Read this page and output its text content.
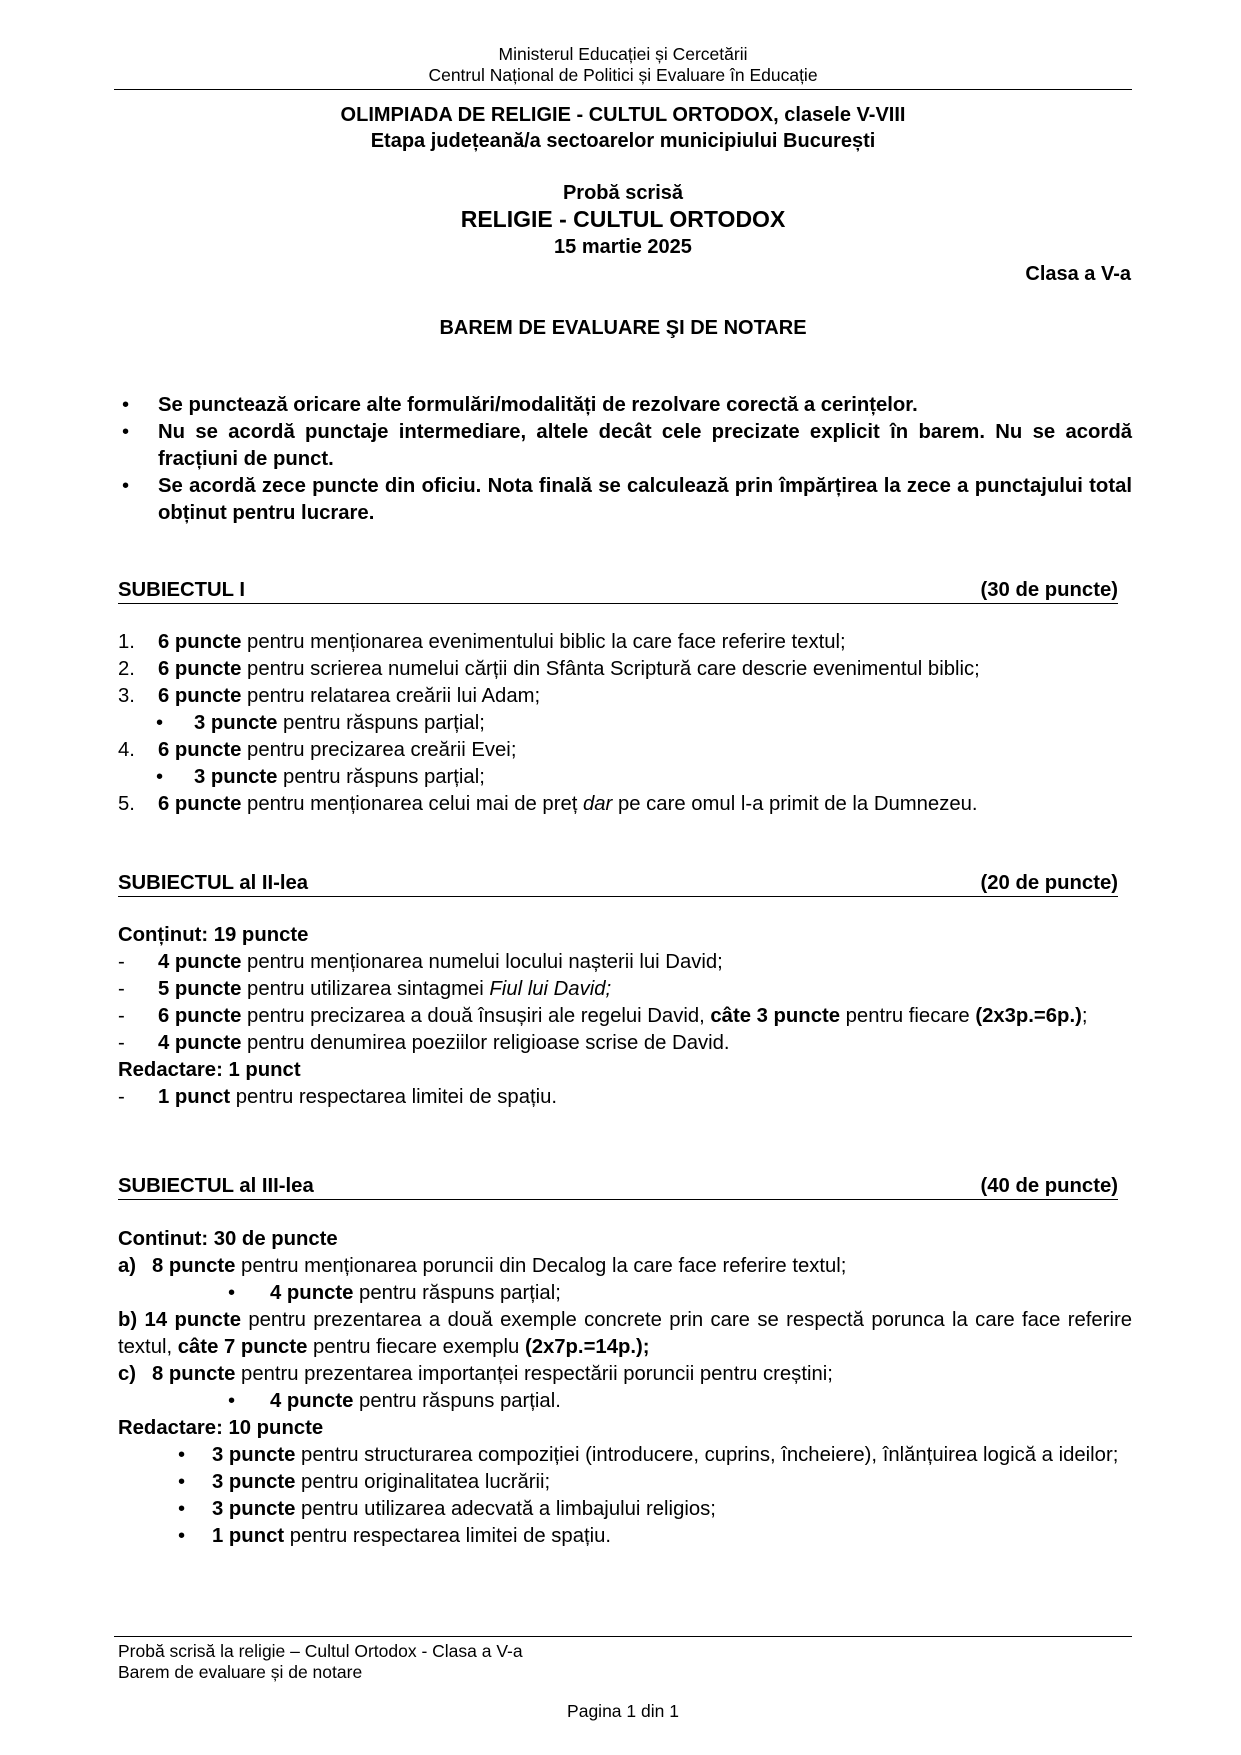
Ministerul Educației și Cercetării
Centrul Național de Politici și Evaluare în Educație
OLIMPIADA DE RELIGIE - CULTUL ORTODOX, clasele V-VIII
Etapa județeană/a sectoarelor municipiului București
Probă scrisă
RELIGIE - CULTUL ORTODOX
15 martie 2025
Clasa a V-a
BAREM DE EVALUARE ŞI DE NOTARE
• Se punctează oricare alte formulări/modalități de rezolvare corectă a cerințelor.
• Nu se acordă punctaje intermediare, altele decât cele precizate explicit în barem. Nu se acordă fracțiuni de punct.
• Se acordă zece puncte din oficiu. Nota finală se calculează prin împărțirea la zece a punctajului total obținut pentru lucrare.
SUBIECTUL I	(30 de puncte)
1.	6 puncte pentru menționarea evenimentului biblic la care face referire textul;
2.	6 puncte pentru scrierea numelui cărții din Sfânta Scriptură care descrie evenimentul biblic;
3.	6 puncte pentru relatarea creării lui Adam;
•	3 puncte pentru răspuns parțial;
4.	6 puncte pentru precizarea creării Evei;
•	3 puncte pentru răspuns parțial;
5.	6 puncte pentru menționarea celui mai de preț dar pe care omul l-a primit de la Dumnezeu.
SUBIECTUL al II-lea	(20 de puncte)
Conținut: 19 puncte
-	4 puncte pentru menționarea numelui locului nașterii lui David;
-	5 puncte pentru utilizarea sintagmei Fiul lui David;
-	6 puncte pentru precizarea a două însușiri ale regelui David, câte 3 puncte pentru fiecare (2x3p.=6p.);
-	4 puncte pentru denumirea poeziilor religioase scrise de David.
Redactare: 1 punct
-	1 punct pentru respectarea limitei de spațiu.
SUBIECTUL al III-lea	(40 de puncte)
Continut: 30 de puncte
a) 8 puncte pentru menționarea poruncii din Decalog la care face referire textul;
•	4 puncte pentru răspuns parțial;
b) 14 puncte pentru prezentarea a două exemple concrete prin care se respectă porunca la care face referire textul, câte 7 puncte pentru fiecare exemplu (2x7p.=14p.);
c) 8 puncte pentru prezentarea importanței respectării poruncii pentru creștini;
•	4 puncte pentru răspuns parțial.
Redactare: 10 puncte
•	3 puncte pentru structurarea compoziției (introducere, cuprins, încheiere), înlănțuirea logică a ideilor;
•	3 puncte pentru originalitatea lucrării;
•	3 puncte pentru utilizarea adecvată a limbajului religios;
•	1 punct pentru respectarea limitei de spațiu.
Probă scrisă la religie – Cultul Ortodox - Clasa a V-a
Barem de evaluare și de notare
Pagina 1 din 1
